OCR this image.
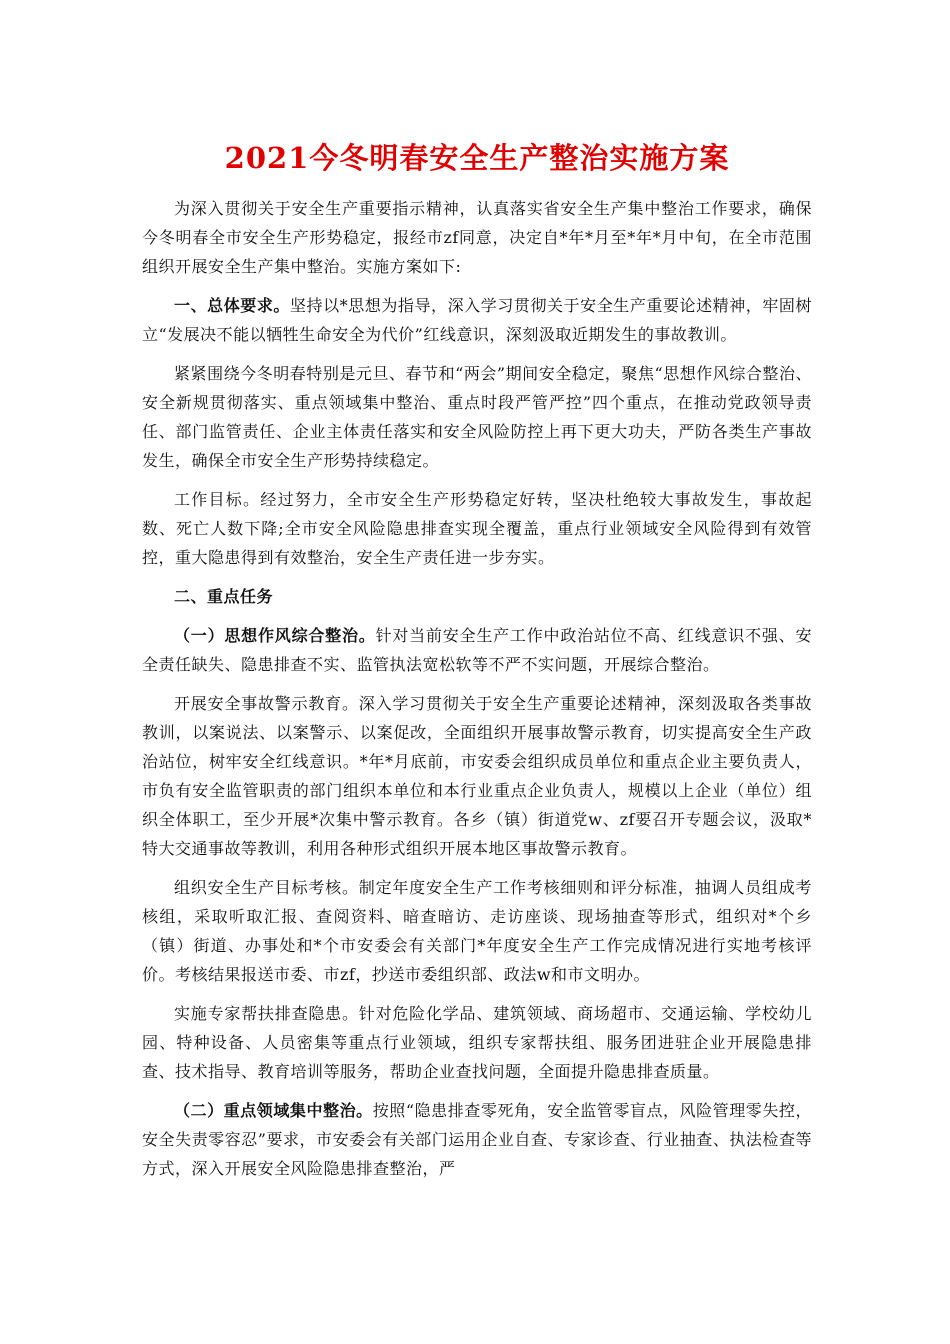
2021今冬明春安全生产整治实施方案

为深入贯彻关于安全生产重要指示精神，认真落实省安全生产集中整治工作要求，确保今冬明春全市安全生产形势稳定，报经市zf同意，决定自*年*月至*年*月中旬，在全市范围组织开展安全生产集中整治。实施方案如下:

一、总体要求。坚持以*思想为指导，深入学习贯彻关于安全生产重要论述精神，牢固树立“发展决不能以牺牲生命安全为代价”红线意识，深刻汲取近期发生的事故教训。

紧紧围绕今冬明春特别是元旦、春节和“两会”期间安全稳定，聚焦“思想作风综合整治、安全新规贯彻落实、重点领域集中整治、重点时段严管严控”四个重点，在推动党政领导责任、部门监管责任、企业主体责任落实和安全风险防控上再下更大功夫，严防各类生产事故发生，确保全市安全生产形势持续稳定。

工作目标。经过努力，全市安全生产形势稳定好转，坚决杜绝较大事故发生，事故起数、死亡人数下降;全市安全风险隐患排查实现全覆盖，重点行业领域安全风险得到有效管控，重大隐患得到有效整治，安全生产责任进一步夯实。

二、重点任务

（一）思想作风综合整治。针对当前安全生产工作中政治站位不高、红线意识不强、安全责任缺失、隐患排查不实、监管执法宽松软等不严不实问题，开展综合整治。

开展安全事故警示教育。深入学习贯彻关于安全生产重要论述精神，深刻汲取各类事故教训，以案说法、以案警示、以案促改，全面组织开展事故警示教育，切实提高安全生产政治站位，树牢安全红线意识。*年*月底前，市安委会组织成员单位和重点企业主要负责人，市负有安全监管职责的部门组织本单位和本行业重点企业负责人，规模以上企业（单位）组织全体职工，至少开展*次集中警示教育。各乡（镇）街道党w、zf要召开专题会议，汲取*特大交通事故等教训，利用各种形式组织开展本地区事故警示教育。

组织安全生产目标考核。制定年度安全生产工作考核细则和评分标准，抽调人员组成考核组，采取听取汇报、查阅资料、暗查暗访、走访座谈、现场抽查等形式，组织对*个乡（镇）街道、办事处和*个市安委会有关部门*年度安全生产工作完成情况进行实地考核评价。考核结果报送市委、市zf，抄送市委组织部、政法w和市文明办。

实施专家帮扶排查隐患。针对危险化学品、建筑领域、商场超市、交通运输、学校幼儿园、特种设备、人员密集等重点行业领域，组织专家帮扶组、服务团进驻企业开展隐患排查、技术指导、教育培训等服务，帮助企业查找问题，全面提升隐患排查质量。

（二）重点领域集中整治。按照“隐患排查零死角，安全监管零盲点，风险管理零失控，安全失责零容忍”要求，市安委会有关部门运用企业自查、专家诊查、行业抽查、执法检查等方式，深入开展安全风险隐患排查整治，严
